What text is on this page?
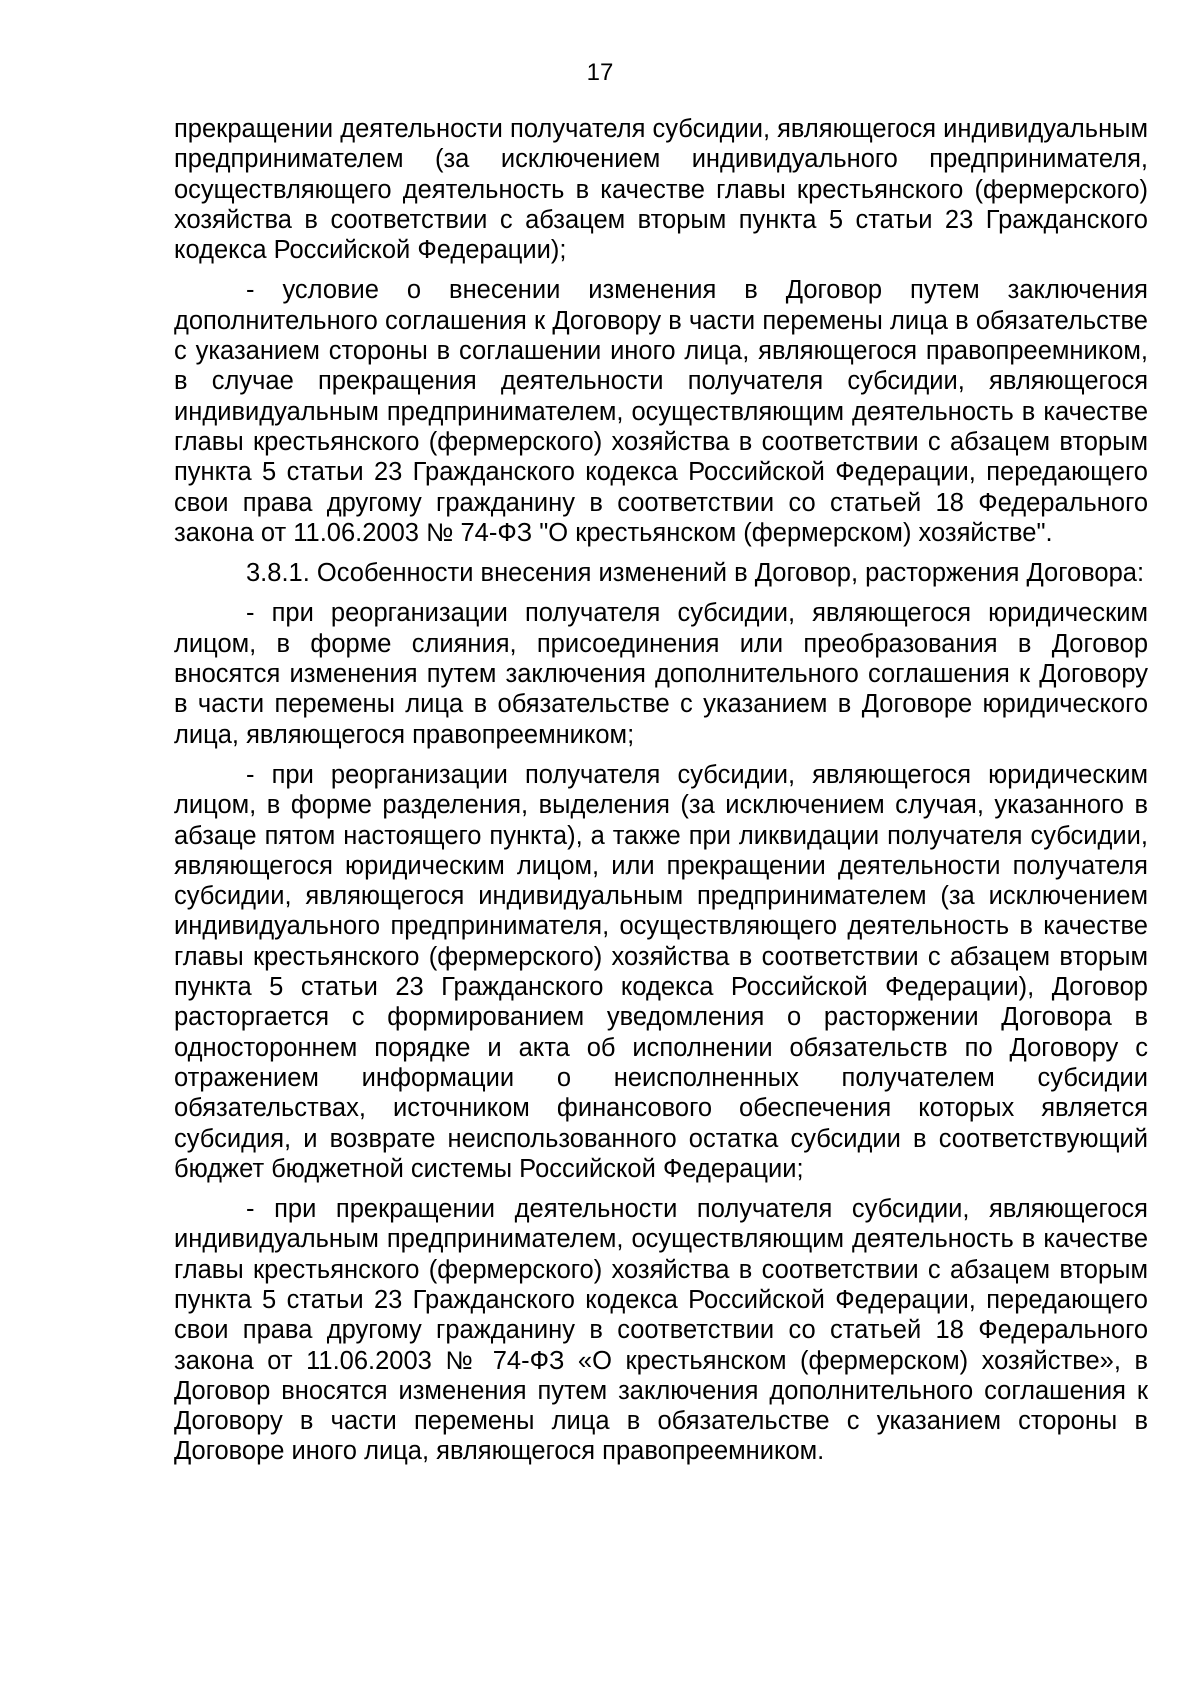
17

прекращении деятельности получателя субсидии, являющегося индивидуальным предпринимателем (за исключением индивидуального предпринимателя, осуществляющего деятельность в качестве главы крестьянского (фермерского) хозяйства в соответствии с абзацем вторым пункта 5 статьи 23 Гражданского кодекса Российской Федерации);

- условие о внесении изменения в Договор путем заключения дополнительного соглашения к Договору в части перемены лица в обязательстве с указанием стороны в соглашении иного лица, являющегося правопреемником, в случае прекращения деятельности получателя субсидии, являющегося индивидуальным предпринимателем, осуществляющим деятельность в качестве главы крестьянского (фермерского) хозяйства в соответствии с абзацем вторым пункта 5 статьи 23 Гражданского кодекса Российской Федерации, передающего свои права другому гражданину в соответствии со статьей 18 Федерального закона от 11.06.2003 № 74-ФЗ "О крестьянском (фермерском) хозяйстве".

3.8.1. Особенности внесения изменений в Договор, расторжения Договора:

- при реорганизации получателя субсидии, являющегося юридическим лицом, в форме слияния, присоединения или преобразования в Договор вносятся изменения путем заключения дополнительного соглашения к Договору в части перемены лица в обязательстве с указанием в Договоре юридического лица, являющегося правопреемником;

- при реорганизации получателя субсидии, являющегося юридическим лицом, в форме разделения, выделения (за исключением случая, указанного в абзаце пятом настоящего пункта), а также при ликвидации получателя субсидии, являющегося юридическим лицом, или прекращении деятельности получателя субсидии, являющегося индивидуальным предпринимателем (за исключением индивидуального предпринимателя, осуществляющего деятельность в качестве главы крестьянского (фермерского) хозяйства в соответствии с абзацем вторым пункта 5 статьи 23 Гражданского кодекса Российской Федерации), Договор расторгается с формированием уведомления о расторжении Договора в одностороннем порядке и акта об исполнении обязательств по Договору с отражением информации о неисполненных получателем субсидии обязательствах, источником финансового обеспечения которых является субсидия, и возврате неиспользованного остатка субсидии в соответствующий бюджет бюджетной системы Российской Федерации;

- при прекращении деятельности получателя субсидии, являющегося индивидуальным предпринимателем, осуществляющим деятельность в качестве главы крестьянского (фермерского) хозяйства в соответствии с абзацем вторым пункта 5 статьи 23 Гражданского кодекса Российской Федерации, передающего свои права другому гражданину в соответствии со статьей 18 Федерального закона от 11.06.2003 № 74-ФЗ «О крестьянском (фермерском) хозяйстве», в Договор вносятся изменения путем заключения дополнительного соглашения к Договору в части перемены лица в обязательстве с указанием стороны в Договоре иного лица, являющегося правопреемником.
